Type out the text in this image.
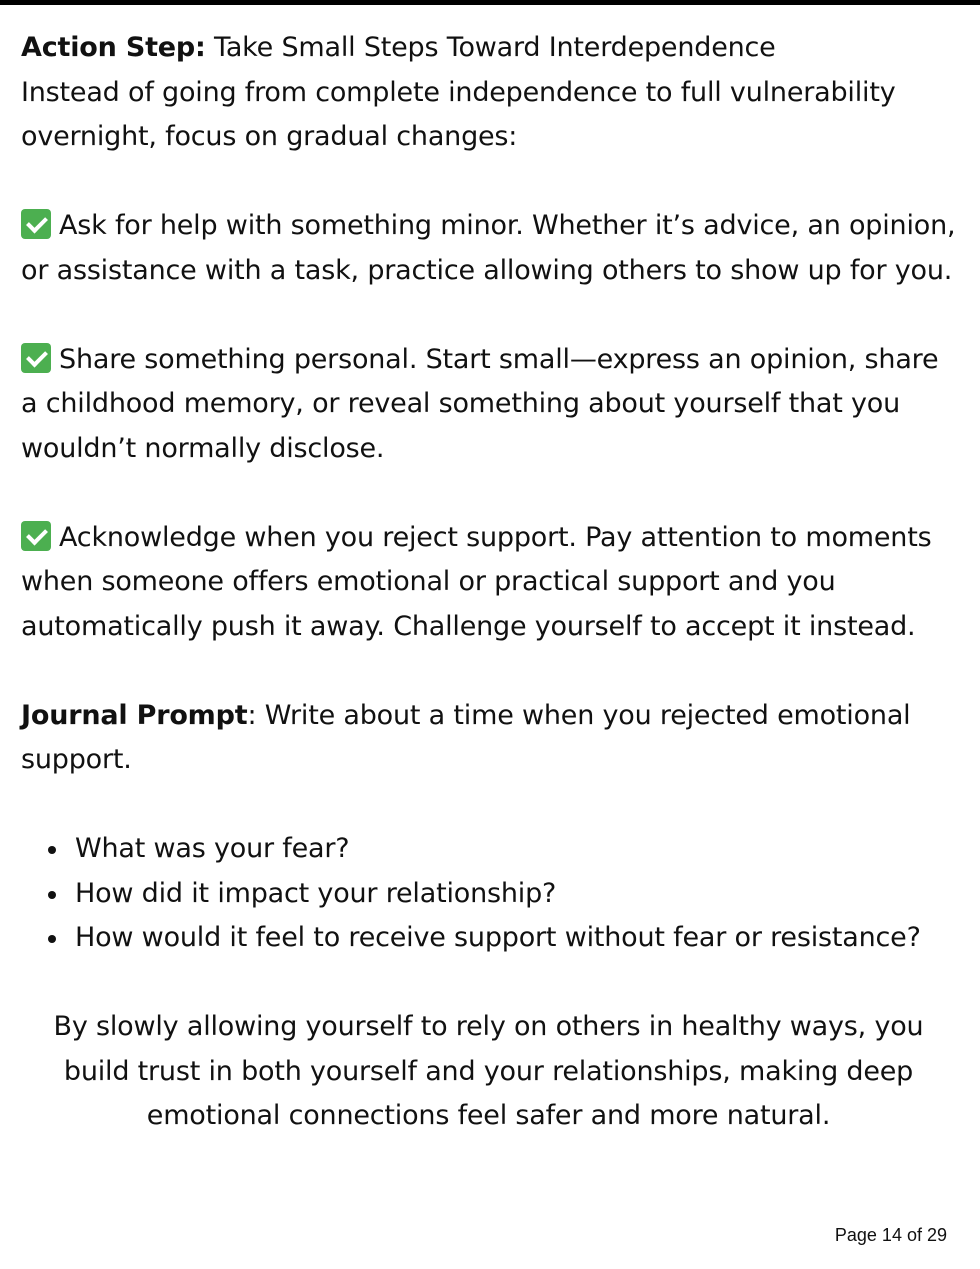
Action Step: Take Small Steps Toward Interdependence

Instead of going from complete independence to full vulnerability overnight, focus on gradual changes:

Ask for help with something minor. Whether it’s advice, an opinion, or assistance with a task, practice allowing others to show up for you.

Share something personal. Start small—express an opinion, share a childhood memory, or reveal something about yourself that you wouldn’t normally disclose.

Acknowledge when you reject support. Pay attention to moments when someone offers emotional or practical support and you automatically push it away. Challenge yourself to accept it instead.

Journal Prompt: Write about a time when you rejected emotional support.

What was your fear?
How did it impact your relationship?
How would it feel to receive support without fear or resistance?

By slowly allowing yourself to rely on others in healthy ways, you build trust in both yourself and your relationships, making deep emotional connections feel safer and more natural.

Page 14 of 29
